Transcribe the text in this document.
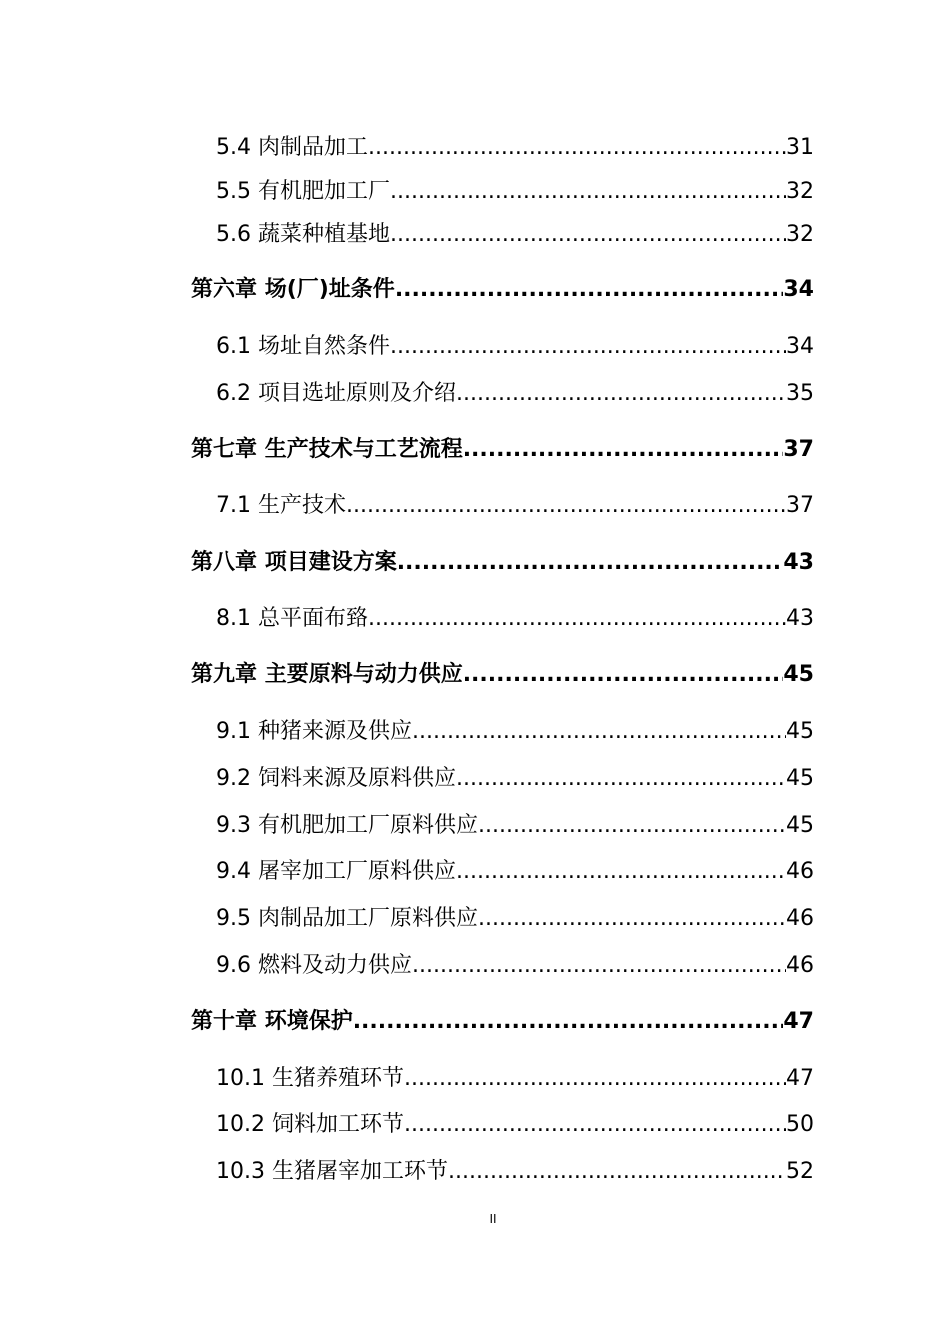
5.4 肉制品加工 .....	31
5.5 有机肥加工厂 .....	32
5.6 蔬菜种植基地 .....	32
第六章 场(厂)址条件 .....	34
6.1 场址自然条件 .....	34
6.2 项目选址原则及介绍 .....	35
第七章 生产技术与工艺流程 .....	37
7.1 生产技术 .....	37
第八章 项目建设方案 .....	43
8.1 总平面布臵 .....	43
第九章 主要原料与动力供应 .....	45
9.1 种猪来源及供应 .....	45
9.2 饲料来源及原料供应 .....	45
9.3 有机肥加工厂原料供应 .....	45
9.4 屠宰加工厂原料供应 .....	46
9.5 肉制品加工厂原料供应 .....	46
9.6 燃料及动力供应 .....	46
第十章 环境保护 .....	47
10.1 生猪养殖环节 .....	47
10.2 饲料加工环节 .....	50
10.3 生猪屠宰加工环节 .....	52
II
